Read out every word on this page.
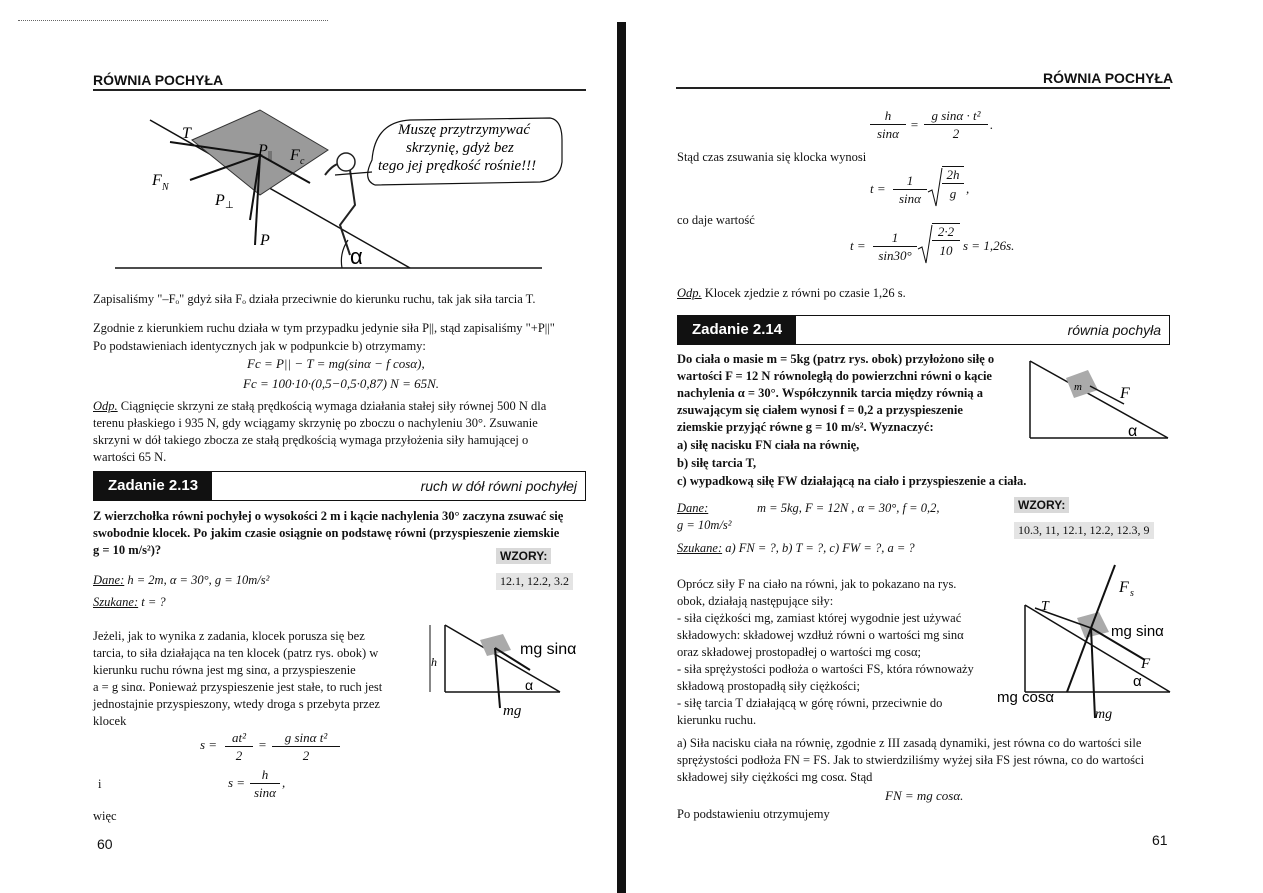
RÓWNIA POCHYŁA
Muszę przytrzymywać
skrzynię, gdyż bez
tego jej prędkość rośnie!!!
T
F N
P ⊥
P || F c
P
α
Zapisaliśmy "–Fₒ" gdyż siła Fₒ działa przeciwnie do kierunku ruchu, tak jak siła tarcia T.
Zgodnie z kierunkiem ruchu działa w tym przypadku jedynie siła P||, stąd zapisaliśmy "+P||"
Po podstawieniach identycznych jak w podpunkcie b) otrzymamy:
Fc = P|| − T = mg(sinα − f cosα),
Fc = 100·10·(0,5−0,5·0,87) N = 65N.
Odp. Ciągnięcie skrzyni ze stałą prędkością wymaga działania stałej siły równej 500 N dla
terenu płaskiego i 935 N, gdy wciągamy skrzynię po zboczu o nachyleniu 30°. Zsuwanie
skrzyni w dół takiego zbocza ze stałą prędkością wymaga przyłożenia siły hamującej o
wartości 65 N.
Zadanie 2.13	ruch w dół równi pochyłej
Z wierzchołka równi pochyłej o wysokości 2 m i kącie nachylenia 30° zaczyna zsuwać się
swobodnie klocek. Po jakim czasie osiągnie on podstawę równi (przyspieszenie ziemskie
g = 10 m/s²)?	WZORY:
12.1, 12.2, 3.2
Dane: h = 2m, α = 30°, g = 10m/s²
Szukane: t = ?
Jeżeli, jak to wynika z zadania, klocek porusza się bez
tarcia, to siła działająca na ten klocek (patrz rys. obok) w
kierunku ruchu równa jest mg sinα, a przyspieszenie
a = g sinα. Ponieważ przyspieszenie jest stałe, to ruch jest
jednostajnie przyspieszony, wtedy droga s przebyta przez
klocek
h
mg sinα
α
mg
s =	at²
2
=	g sinα t²
2
i	s =
h
sinα
,
więc
60
RÓWNIA POCHYŁA
h
sinα
=
g sinα · t²
2
.
Stąd czas zsuwania się klocka wynosi
t =
1
sinα
2h
g ,
co daje wartość
t =
1
sin30°
2·2
10 s = 1,26s.
Odp. Klocek zjedzie z równi po czasie 1,26 s.
Zadanie 2.14	równia pochyła
Do ciała o masie m = 5kg (patrz rys. obok) przyłożono siłę o
wartości F = 12 N równoległą do powierzchni równi o kącie
nachylenia α = 30°. Współczynnik tarcia między równią a
zsuwającym się ciałem wynosi f = 0,2 a przyspieszenie
ziemskie przyjąć równe g = 10 m/s². Wyznaczyć:
m F
α
a) siłę nacisku FN ciała na równię,
b) siłę tarcia T,
c) wypadkową siłę FW działającą na ciało i przyspieszenie a ciała.
Dane:	m = 5kg, F = 12N , α = 30°, f = 0,2,
g = 10m/s²
WZORY:
10.3, 11, 12.1, 12.2, 12.3, 9
Szukane: a) FN = ?, b) T = ?, c) FW = ?, a = ?
Oprócz siły F na ciało na równi, jak to pokazano na rys.
obok, działają następujące siły:
- siła ciężkości mg, zamiast której wygodnie jest używać
składowych: składowej wzdłuż równi o wartości mg sinα
oraz składowej prostopadłej o wartości mg cosα;
- siła sprężystości podłoża o wartości FS, która równoważy
składową prostopadłą siły ciężkości;
- siłę tarcia T działającą w górę równi, przeciwnie do
kierunku ruchu.
F s
T
mg sinα
F
α
mg cosα
mg
a) Siła nacisku ciała na równię, zgodnie z III zasadą dynamiki, jest równa co do wartości sile
sprężystości podłoża FN = FS. Jak to stwierdziliśmy wyżej siła FS jest równa, co do wartości
składowej siły ciężkości mg cosα. Stąd
FN = mg cosα.
Po podstawieniu otrzymujemy
61
